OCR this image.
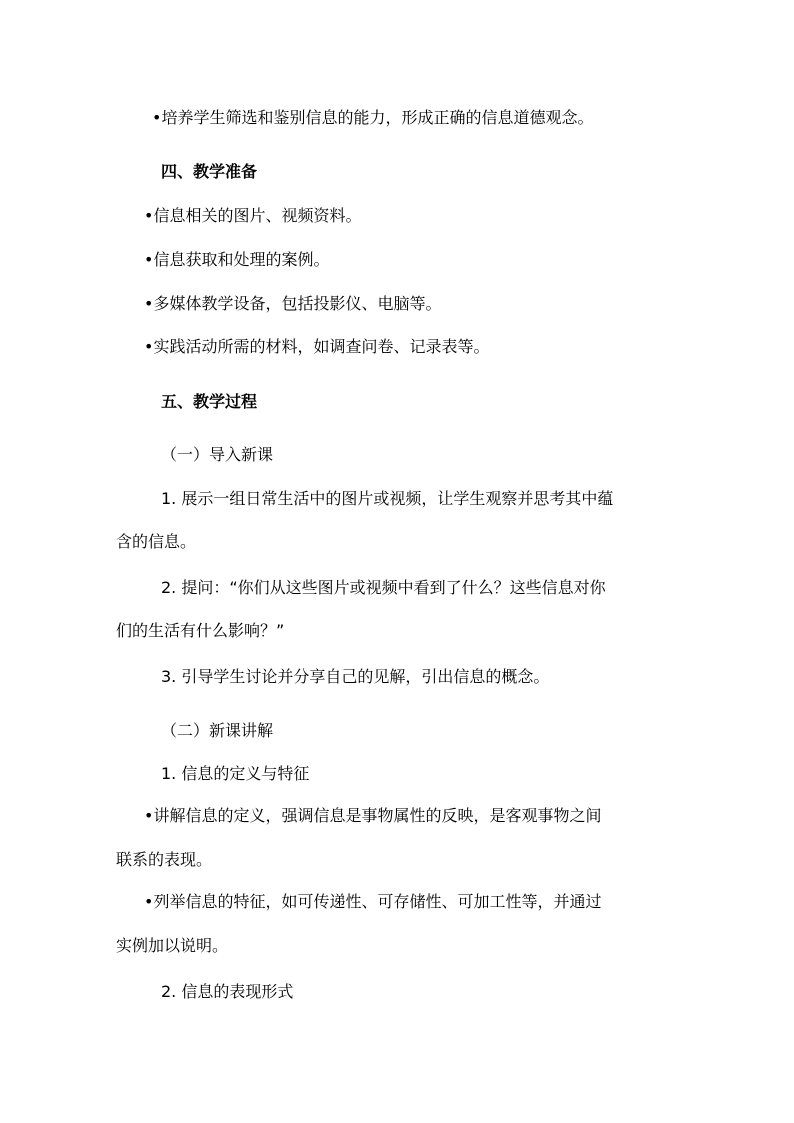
•培养学生筛选和鉴别信息的能力，形成正确的信息道德观念。
四、教学准备
•信息相关的图片、视频资料。
•信息获取和处理的案例。
•多媒体教学设备，包括投影仪、电脑等。
•实践活动所需的材料，如调查问卷、记录表等。
五、教学过程
（一）导入新课
1. 展示一组日常生活中的图片或视频，让学生观察并思考其中蕴
含的信息。
2. 提问：“你们从这些图片或视频中看到了什么？这些信息对你
们的生活有什么影响？”
3. 引导学生讨论并分享自己的见解，引出信息的概念。
（二）新课讲解
1. 信息的定义与特征
•讲解信息的定义，强调信息是事物属性的反映，是客观事物之间
联系的表现。
•列举信息的特征，如可传递性、可存储性、可加工性等，并通过
实例加以说明。
2. 信息的表现形式
